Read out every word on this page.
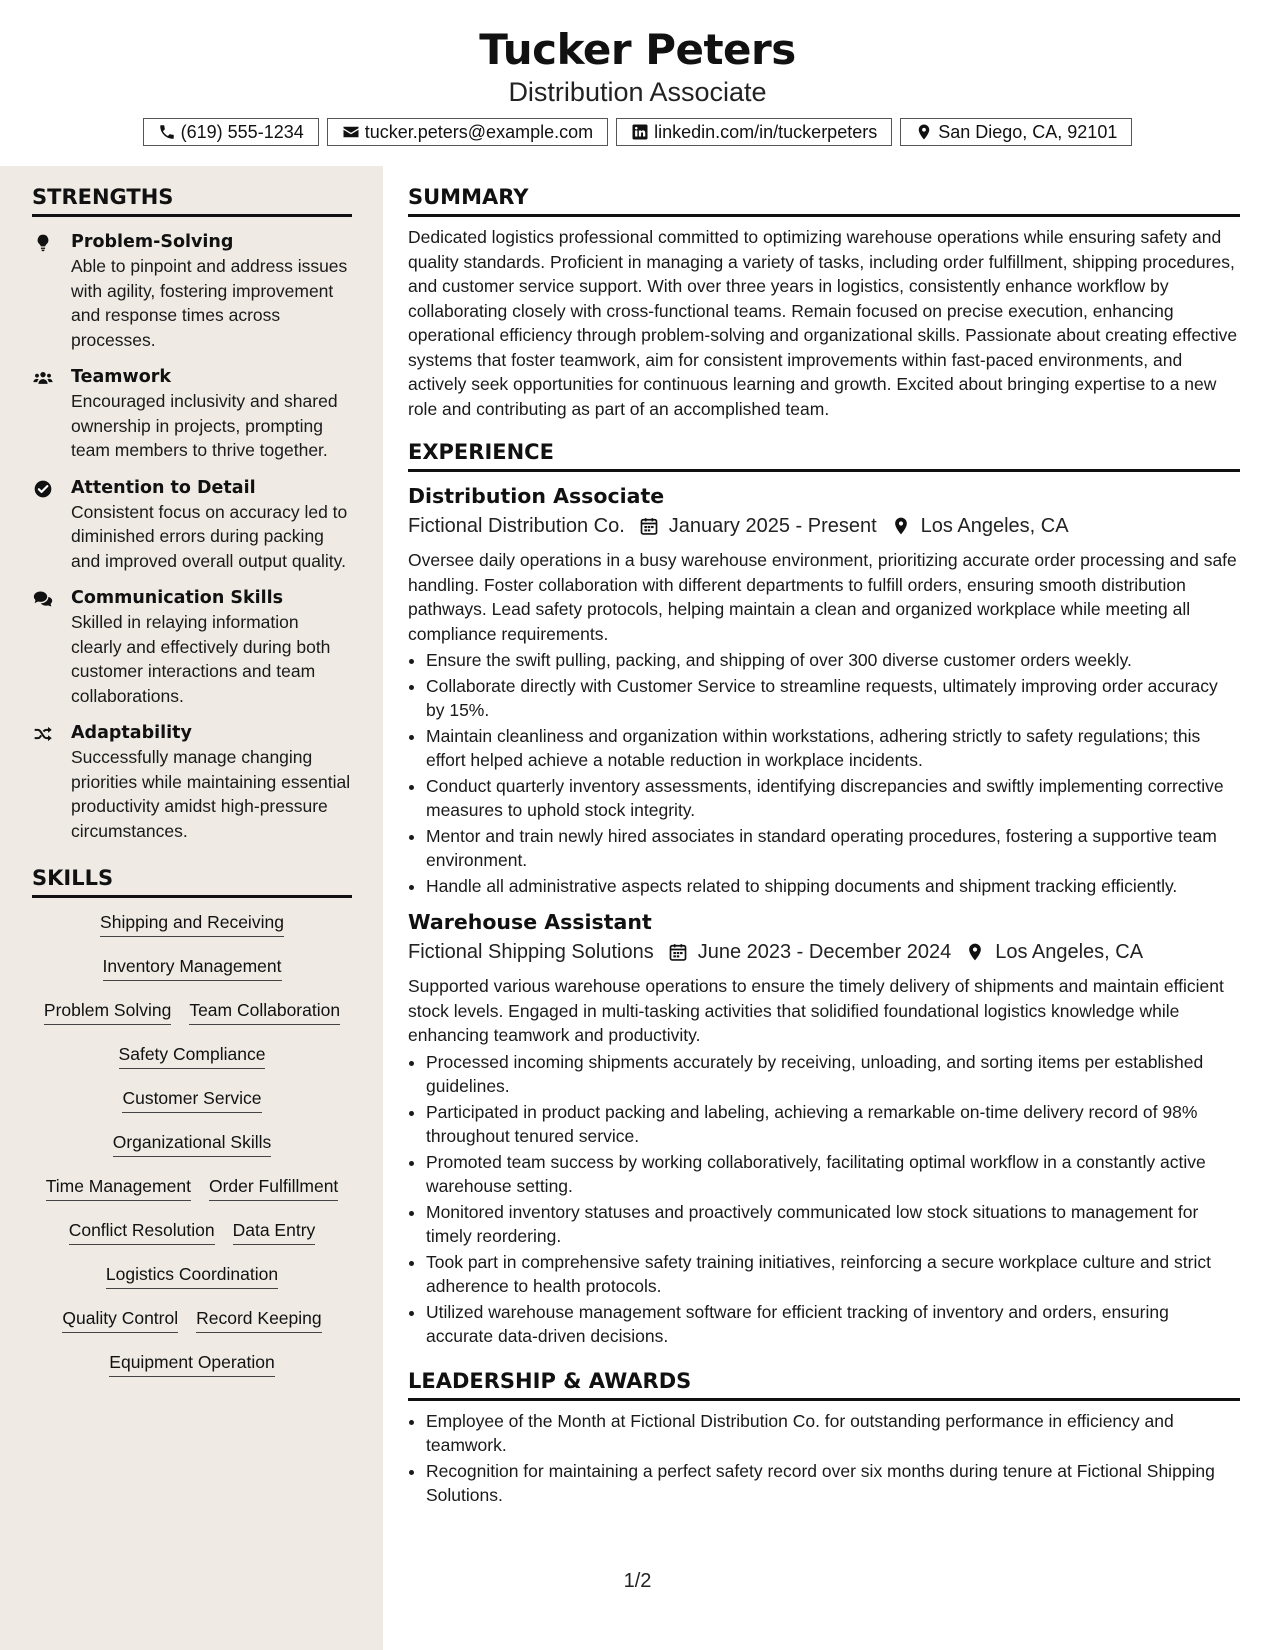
Tucker Peters
Distribution Associate
(619) 555-1234	tucker.peters@example.com	linkedin.com/in/tuckerpeters	San Diego, CA, 92101
STRENGTHS
Problem-Solving
Able to pinpoint and address issues with agility, fostering improvement and response times across processes.
Teamwork
Encouraged inclusivity and shared ownership in projects, prompting team members to thrive together.
Attention to Detail
Consistent focus on accuracy led to diminished errors during packing and improved overall output quality.
Communication Skills
Skilled in relaying information clearly and effectively during both customer interactions and team collaborations.
Adaptability
Successfully manage changing priorities while maintaining essential productivity amidst high-pressure circumstances.
SKILLS
Shipping and Receiving
Inventory Management
Problem Solving Team Collaboration
Safety Compliance
Customer Service
Organizational Skills
Time Management Order Fulfillment
Conflict Resolution Data Entry
Logistics Coordination
Quality Control Record Keeping
Equipment Operation
SUMMARY
Dedicated logistics professional committed to optimizing warehouse operations while ensuring safety and quality standards. Proficient in managing a variety of tasks, including order fulfillment, shipping procedures, and customer service support. With over three years in logistics, consistently enhance workflow by collaborating closely with cross-functional teams. Remain focused on precise execution, enhancing operational efficiency through problem-solving and organizational skills. Passionate about creating effective systems that foster teamwork, aim for consistent improvements within fast-paced environments, and actively seek opportunities for continuous learning and growth. Excited about bringing expertise to a new role and contributing as part of an accomplished team.
EXPERIENCE
Distribution Associate
Fictional Distribution Co. January 2025 - Present Los Angeles, CA
Oversee daily operations in a busy warehouse environment, prioritizing accurate order processing and safe handling. Foster collaboration with different departments to fulfill orders, ensuring smooth distribution pathways. Lead safety protocols, helping maintain a clean and organized workplace while meeting all compliance requirements.
• Ensure the swift pulling, packing, and shipping of over 300 diverse customer orders weekly.
• Collaborate directly with Customer Service to streamline requests, ultimately improving order accuracy by 15%.
• Maintain cleanliness and organization within workstations, adhering strictly to safety regulations; this effort helped achieve a notable reduction in workplace incidents.
• Conduct quarterly inventory assessments, identifying discrepancies and swiftly implementing corrective measures to uphold stock integrity.
• Mentor and train newly hired associates in standard operating procedures, fostering a supportive team environment.
• Handle all administrative aspects related to shipping documents and shipment tracking efficiently.
Warehouse Assistant
Fictional Shipping Solutions June 2023 - December 2024 Los Angeles, CA
Supported various warehouse operations to ensure the timely delivery of shipments and maintain efficient stock levels. Engaged in multi-tasking activities that solidified foundational logistics knowledge while enhancing teamwork and productivity.
• Processed incoming shipments accurately by receiving, unloading, and sorting items per established guidelines.
• Participated in product packing and labeling, achieving a remarkable on-time delivery record of 98% throughout tenured service.
• Promoted team success by working collaboratively, facilitating optimal workflow in a constantly active warehouse setting.
• Monitored inventory statuses and proactively communicated low stock situations to management for timely reordering.
• Took part in comprehensive safety training initiatives, reinforcing a secure workplace culture and strict adherence to health protocols.
• Utilized warehouse management software for efficient tracking of inventory and orders, ensuring accurate data-driven decisions.
LEADERSHIP & AWARDS
• Employee of the Month at Fictional Distribution Co. for outstanding performance in efficiency and teamwork.
• Recognition for maintaining a perfect safety record over six months during tenure at Fictional Shipping Solutions.
1/2
